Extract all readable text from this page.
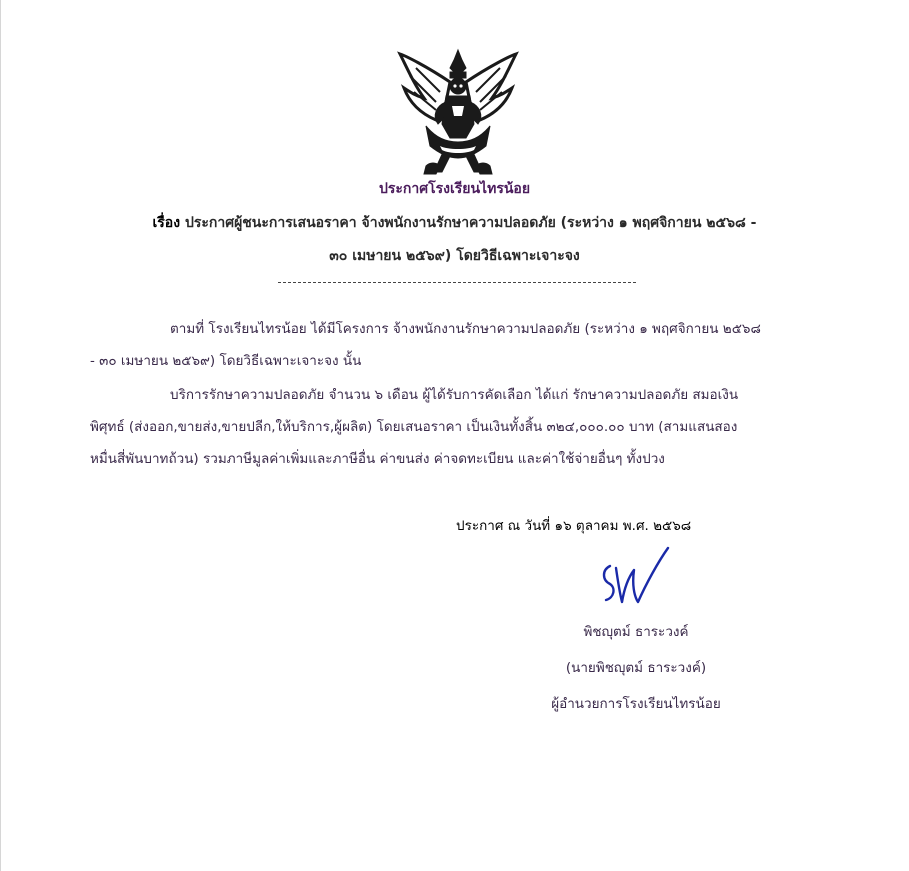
ประกาศโรงเรียนไทรน้อย
เรื่อง ประกาศผู้ชนะการเสนอราคา จ้างพนักงานรักษาความปลอดภัย (ระหว่าง ๑ พฤศจิกายน ๒๕๖๘ -
๓๐ เมษายน ๒๕๖๙) โดยวิธีเฉพาะเจาะจง
ตามที่ โรงเรียนไทรน้อย ได้มีโครงการ จ้างพนักงานรักษาความปลอดภัย (ระหว่าง ๑ พฤศจิกายน ๒๕๖๘
- ๓๐ เมษายน ๒๕๖๙) โดยวิธีเฉพาะเจาะจง นั้น
บริการรักษาความปลอดภัย จำนวน ๖ เดือน ผู้ได้รับการคัดเลือก ได้แก่ รักษาความปลอดภัย สมอเงิน
พิศุทธ์ (ส่งออก,ขายส่ง,ขายปลีก,ให้บริการ,ผู้ผลิต) โดยเสนอราคา เป็นเงินทั้งสิ้น ๓๒๔,๐๐๐.๐๐ บาท (สามแสนสอง
หมื่นสี่พันบาทถ้วน) รวมภาษีมูลค่าเพิ่มและภาษีอื่น ค่าขนส่ง ค่าจดทะเบียน และค่าใช้จ่ายอื่นๆ ทั้งปวง
ประกาศ ณ วันที่ ๑๖ ตุลาคม พ.ศ. ๒๕๖๘
พิชญุตม์ ธาระวงค์
(นายพิชญุตม์ ธาระวงค์)
ผู้อำนวยการโรงเรียนไทรน้อย
